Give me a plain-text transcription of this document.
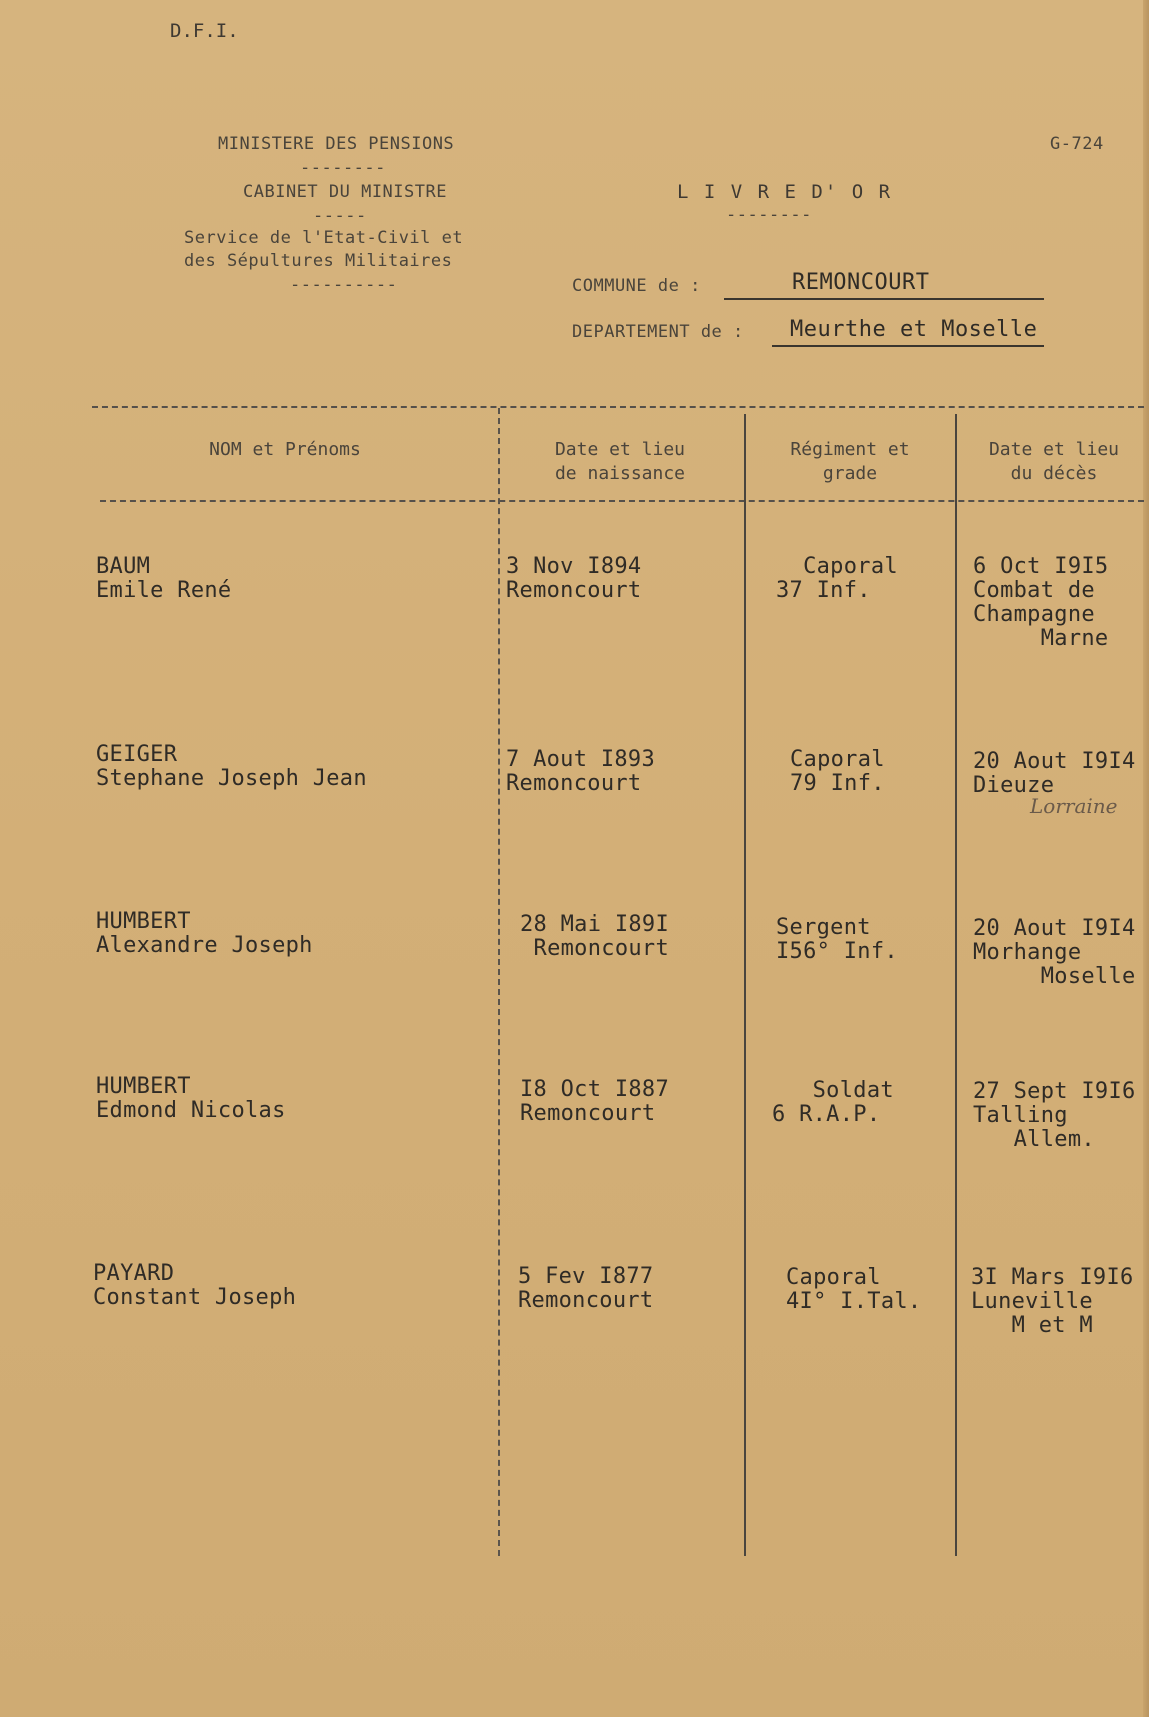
D.F.I.
MINISTERE DES PENSIONS
--------
CABINET DU MINISTRE
-----
Service de l'Etat-Civil et
des Sépultures Militaires
----------
G-724
L I V R E D' O R
--------
COMMUNE de :	REMONCOURT
DEPARTEMENT de : Meurthe et Moselle
NOM et Prénoms	Date et lieu
de naissance
Régiment et
grade
Date et lieu
du décès
BAUM
Emile René
3 Nov I894
Remoncourt
Caporal
37 Inf.
6 Oct I9I5
Combat de
Champagne
Marne
GEIGER
Stephane Joseph Jean
7 Aout I893
Remoncourt
Caporal
79 Inf.
20 Aout I9I4
Dieuze
Lorraine
HUMBERT
Alexandre Joseph
28 Mai I89I
Remoncourt
Sergent
I56° Inf.
20 Aout I9I4
Morhange
Moselle
HUMBERT
Edmond Nicolas
I8 Oct I887
Remoncourt
Soldat
6 R.A.P.
27 Sept I9I6
Talling
Allem.
PAYARD
Constant Joseph
5 Fev I877
Remoncourt
Caporal
4I° I.Tal.
3I Mars I9I6
Luneville
M et M
